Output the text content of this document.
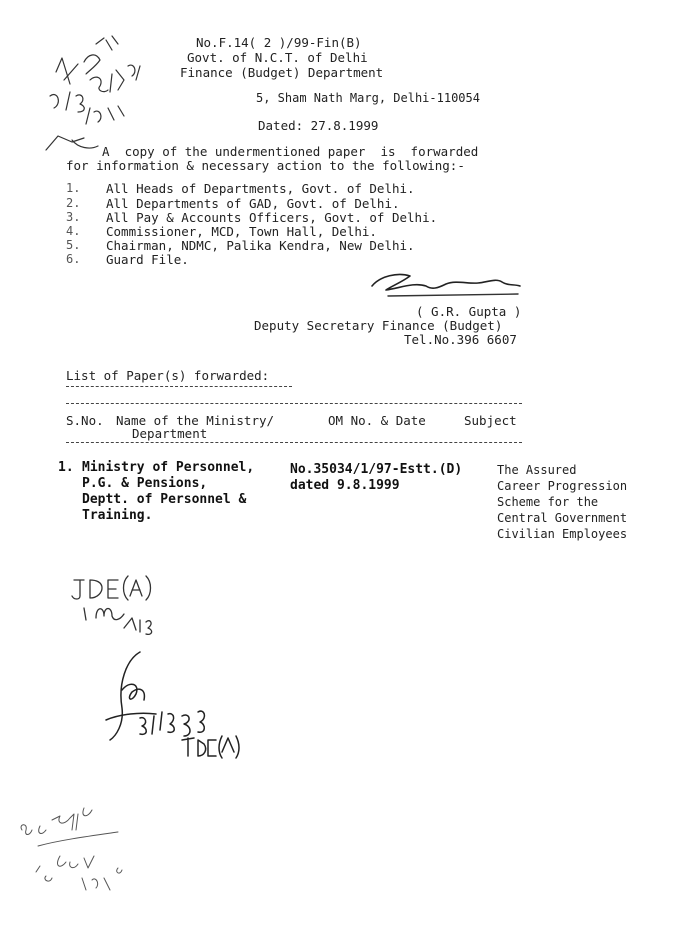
No.F.14( 2 )/99-Fin(B)
Govt. of N.C.T. of Delhi
Finance (Budget) Department
5, Sham Nath Marg, Delhi-110054
Dated: 27.8.1999
A  copy of the undermentioned paper  is  forwarded
for information & necessary action to the following:-
1. All Heads of Departments, Govt. of Delhi.
2. All Departments of GAD, Govt. of Delhi.
3. All Pay & Accounts Officers, Govt. of Delhi.
4. Commissioner, MCD, Town Hall, Delhi.
5. Chairman, NDMC, Palika Kendra, New Delhi.
6. Guard File.
( G.R. Gupta )
Deputy Secretary Finance (Budget)
Tel.No.396 6607
List of Paper(s) forwarded:
S.No. Name of the Ministry/
Department
OM No. & Date	Subject
1. Ministry of Personnel,
P.G. & Pensions,
Deptt. of Personnel &
Training.
No.35034/1/97-Estt.(D)
dated 9.8.1999
The Assured
Career Progression
Scheme for the
Central Government
Civilian Employees
